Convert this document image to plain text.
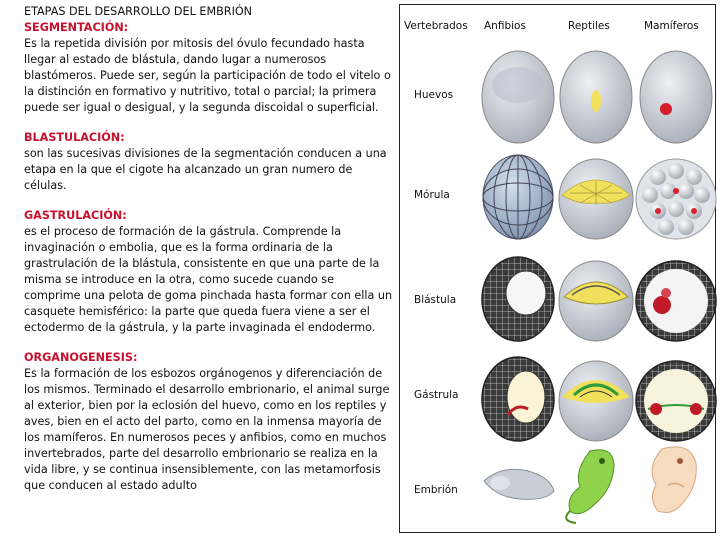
ETAPAS DEL DESARROLLO DEL EMBRIÓN
SEGMENTACIÓN:
Es la repetida división por mitosis del óvulo fecundado hasta llegar al estado de blástula, dando lugar a numerosos blastómeros. Puede ser, según la participación de todo el vitelo o la distinción en formativo y nutritivo, total o parcial; la primera puede ser igual o desigual, y la segunda discoidal o superficial.
BLASTULACIÓN:
son las sucesivas divisiones de la segmentación conducen a una etapa en la que el cigote ha alcanzado un gran numero de células.
GASTRULACIÓN:
es el proceso de formación de la gástrula. Comprende la invaginación o embolia, que es la forma ordinaria de la grastrulación de la blástula, consistente en que una parte de la misma se introduce en la otra, como sucede cuando se comprime una pelota de goma pinchada hasta formar con ella un casquete hemisférico: la parte que queda fuera viene a ser el ectodermo de la gástrula, y la parte invaginada el endodermo.
ORGANOGENESIS:
Es la formación de los esbozos orgánogenos y diferenciación de los mismos. Terminado el desarrollo embrionario, el animal surge al exterior, bien por la eclosión del huevo, como en los reptiles y aves, bien en el acto del parto, como en la inmensa mayoría de los mamíferos. En numerosos peces y anfibios, como en muchos invertebrados, parte del desarrollo embrionario se realiza en la vida libre, y se continua insensiblemente, con las metamorfosis que conducen al estado adulto
Vertebrados Anfibios	Reptiles	Mamíferos
Huevos
Mórula
Blástula
Gástrula
Embrión
